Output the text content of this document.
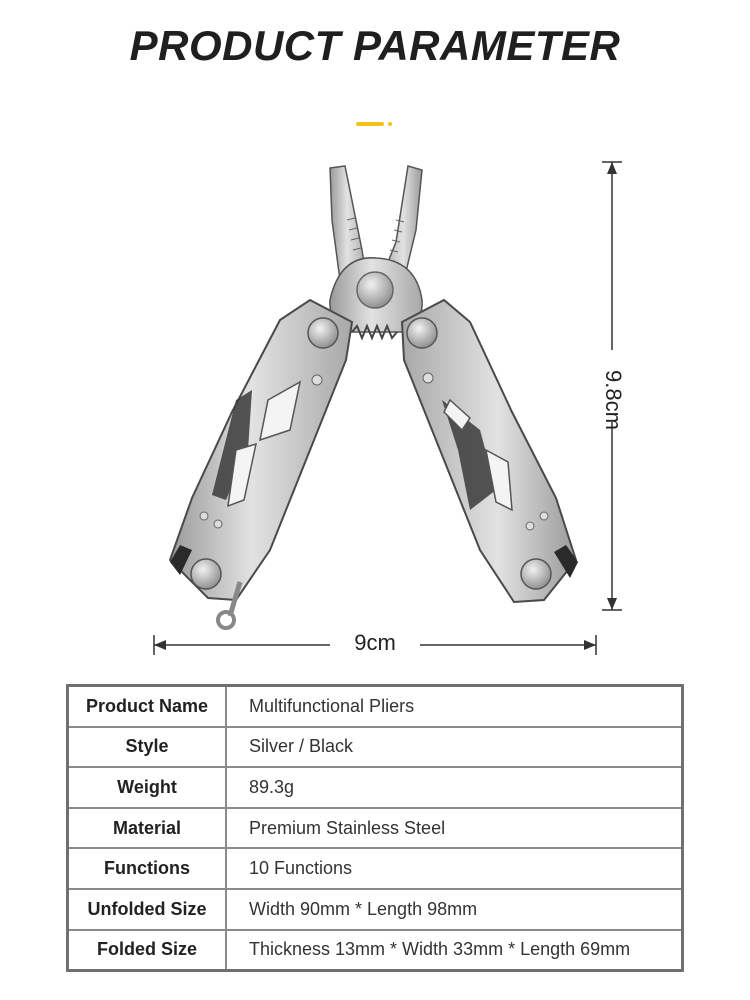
PRODUCT PARAMETER
9.8cm
9cm
Product Name	Multifunctional Pliers
Style	Silver / Black
Weight	89.3g
Material	Premium Stainless Steel
Functions	10 Functions
Unfolded Size	Width 90mm * Length 98mm
Folded Size	Thickness 13mm * Width 33mm * Length 69mm
